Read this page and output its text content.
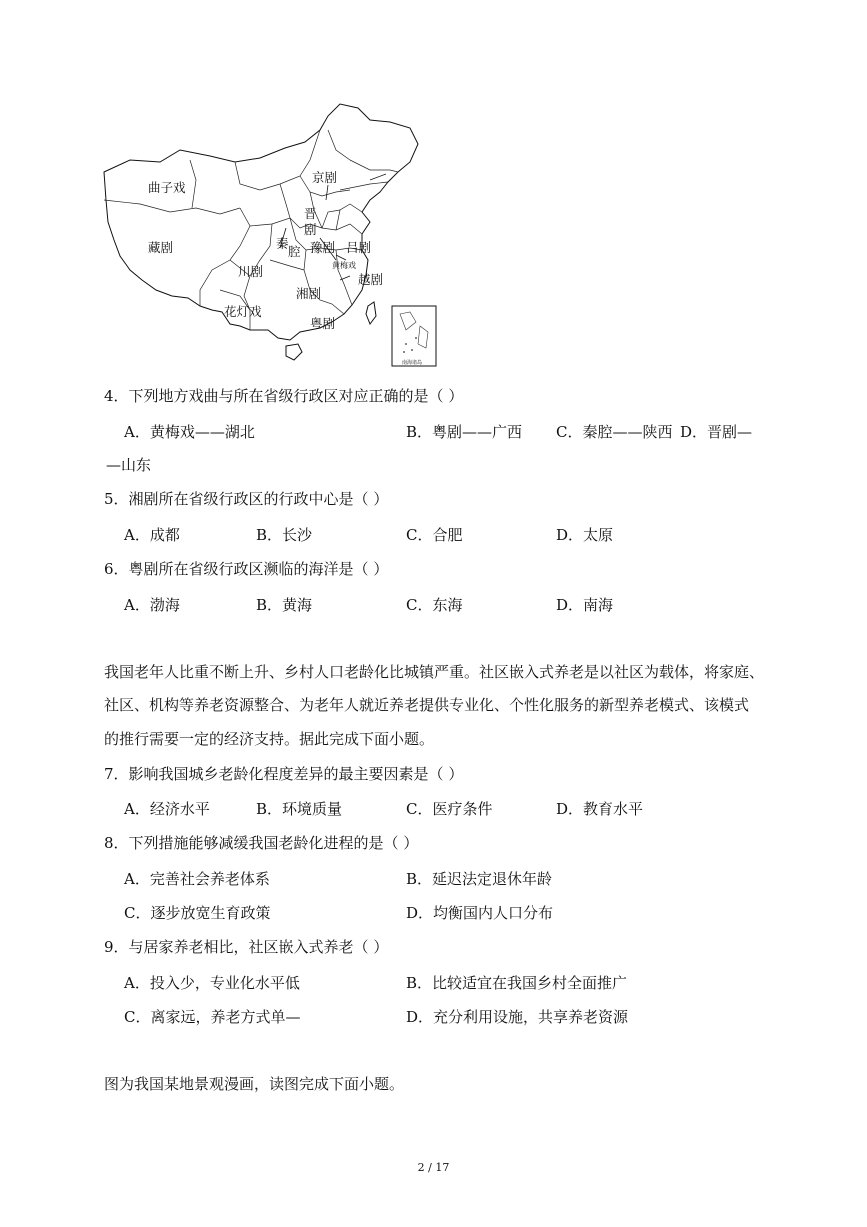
南海诸岛
曲子戏
京剧
藏剧
晋
剧
豫剧
黄梅戏
川剧
秦
腔
湘剧
花灯戏
粤剧
越剧
吕剧
4．下列地方戏曲与所在省级行政区对应正确的是（ ）
A．黄梅戏——湖北	B．粤剧——广西 C．秦腔——陕西 D．晋剧—
—山东
5．湘剧所在省级行政区的行政中心是（ ）
A．成都	B．长沙	C．合肥	D．太原
6．粤剧所在省级行政区濒临的海洋是（ ）
A．渤海	B．黄海	C．东海	D．南海
我国老年人比重不断上升、乡村人口老龄化比城镇严重。社区嵌入式养老是以社区为载体，将家庭、
社区、机构等养老资源整合、为老年人就近养老提供专业化、个性化服务的新型养老模式、该模式
的推行需要一定的经济支持。据此完成下面小题。
7．影响我国城乡老龄化程度差异的最主要因素是（ ）
A．经济水平	B．环境质量	C．医疗条件	D．教育水平
8．下列措施能够减缓我国老龄化进程的是（ ）
A．完善社会养老体系	B．延迟法定退休年龄
C．逐步放宽生育政策	D．均衡国内人口分布
9．与居家养老相比，社区嵌入式养老（ ）
A．投入少，专业化水平低	B．比较适宜在我国乡村全面推广
C．离家远，养老方式单—	D．充分利用设施，共享养老资源
图为我国某地景观漫画，读图完成下面小题。
2 / 17
